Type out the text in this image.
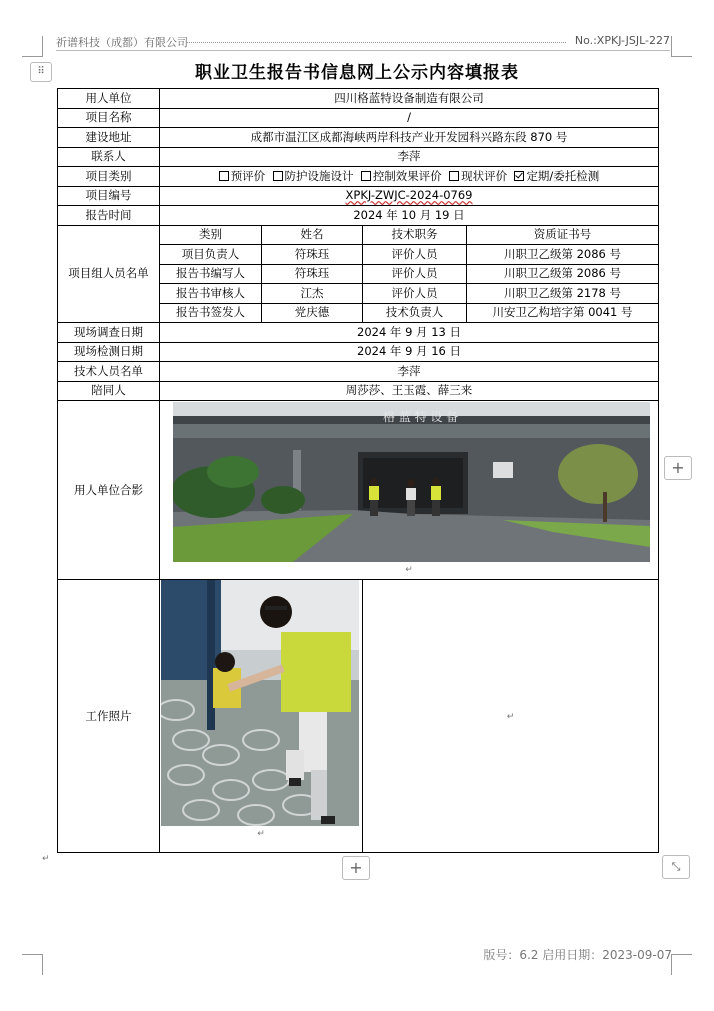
祈谱科技（成都）有限公司	No.:XPKJ-JSJL-227
⠿	职业卫生报告书信息网上公示内容填报表
用人单位	四川格蓝特设备制造有限公司			
项目名称	/			
建设地址	成都市温江区成都海峡两岸科技产业开发园科兴路东段 870 号			
联系人	李萍			
项目类别	预评价 防护设施设计 控制效果评价 现状评价 定期/委托检测			
项目编号	XPKJ-ZWJC-2024-0769			
报告时间	2024 年 10 月 19 日			
项目组人员名单	类别	姓名	技术职务	资质证书号
	项目负责人	符珠珏	评价人员	川职卫乙级第 2086 号
	报告书编写人	符珠珏	评价人员	川职卫乙级第 2086 号
	报告书审核人	江杰	评价人员	川职卫乙级第 2178 号
	报告书签发人	党庆德	技术负责人	川安卫乙构培字第 0041 号
现场调查日期	2024 年 9 月 13 日			
现场检测日期	2024 年 9 月 16 日			
技术人员名单	李萍			
陪同人	周莎莎、王玉霞、薛三来			
用人单位合影	格 蓝 特 设 备
↵			

工作照片	↵		↵	
+
+
⤡
↵
版号：6.2 启用日期：2023-09-07
